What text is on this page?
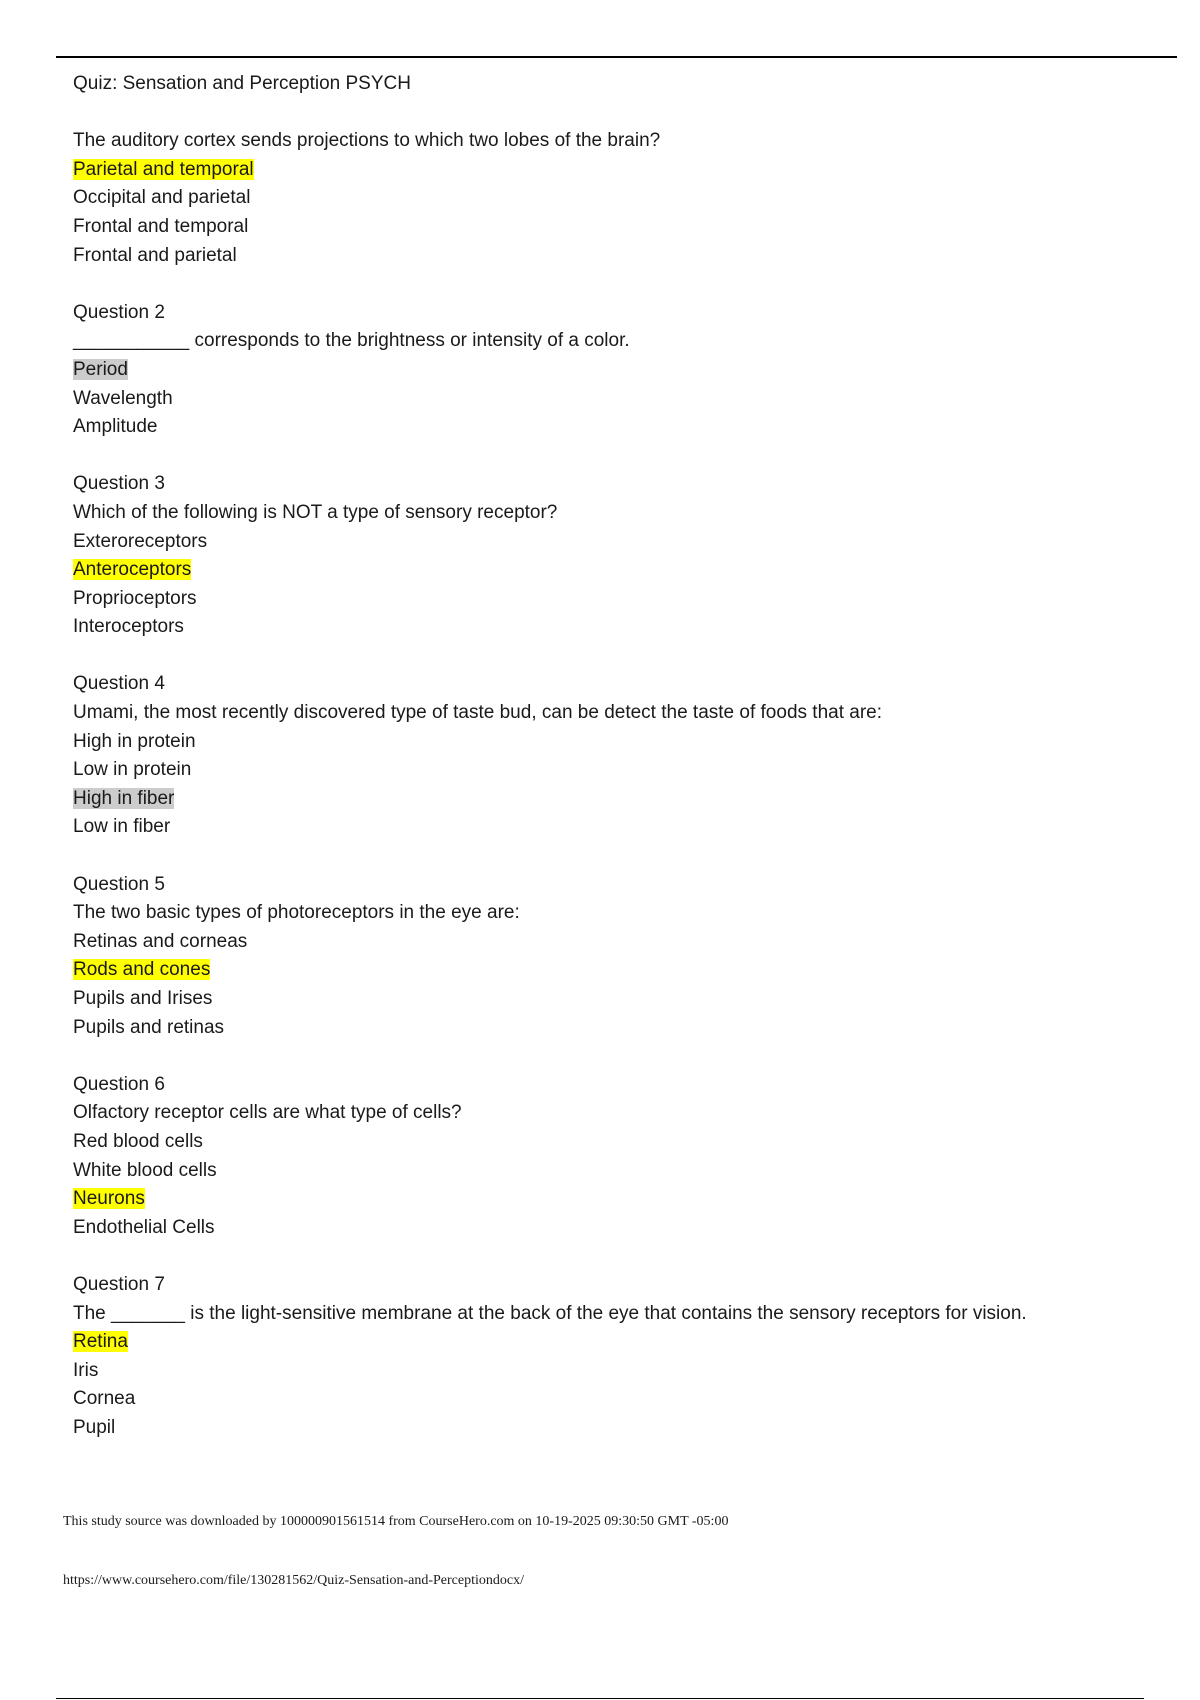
Quiz: Sensation and Perception PSYCH
The auditory cortex sends projections to which two lobes of the brain?
Parietal and temporal
Occipital and parietal
Frontal and temporal
Frontal and parietal
Question 2
___________ corresponds to the brightness or intensity of a color.
Period
Wavelength
Amplitude
Question 3
Which of the following is NOT a type of sensory receptor?
Exteroreceptors
Anteroceptors
Proprioceptors
Interoceptors
Question 4
Umami, the most recently discovered type of taste bud, can be detect the taste of foods that are:
High in protein
Low in protein
High in fiber
Low in fiber
Question 5
The two basic types of photoreceptors in the eye are:
Retinas and corneas
Rods and cones
Pupils and Irises
Pupils and retinas
Question 6
Olfactory receptor cells are what type of cells?
Red blood cells
White blood cells
Neurons
Endothelial Cells
Question 7
The _______ is the light-sensitive membrane at the back of the eye that contains the sensory receptors for vision.
Retina
Iris
Cornea
Pupil
This study source was downloaded by 100000901561514 from CourseHero.com on 10-19-2025 09:30:50 GMT -05:00
https://www.coursehero.com/file/130281562/Quiz-Sensation-and-Perceptiondocx/
